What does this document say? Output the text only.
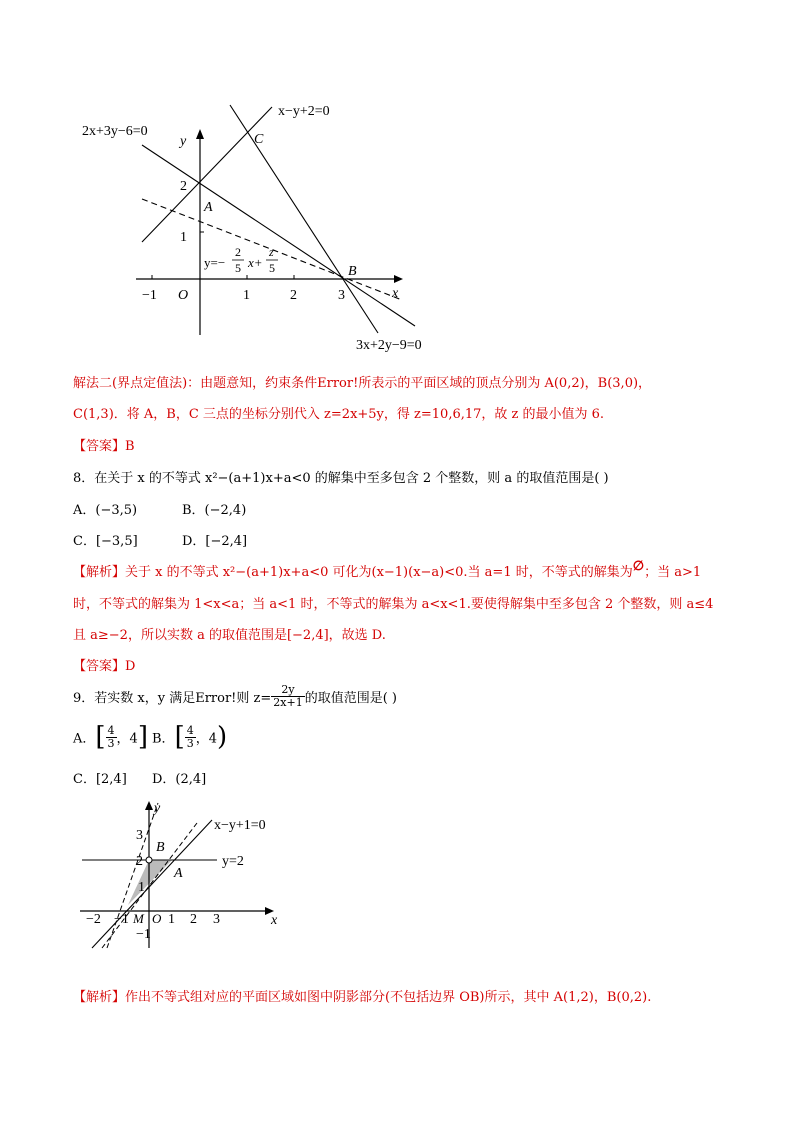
x−y+2=0
2x+3y−6=0
3x+2y−9=0
A
B
C
x
y
O
−1	1	2	3
1
2
y=−
2
5 x+
z
5
解法二(界点定值法)：由题意知，约束条件Error!所表示的平面区域的顶点分别为 A(0,2)，B(3,0)，
C(1,3)．将 A，B，C 三点的坐标分别代入 z=2x+5y，得 z=10,6,17，故 z 的最小值为 6.
【答案】B
8．在关于 x 的不等式 x²−(a+1)x+a<0 的解集中至多包含 2 个整数，则 a 的取值范围是( )
A．(−3,5)	B．(−2,4)
C．[−3,5]	D．[−2,4]
【解析】关于 x 的不等式 x²−(a+1)x+a<0 可化为(x−1)(x−a)<0.当 a=1 时，不等式的解集为∅；当 a>1
时，不等式的解集为 1<x<a；当 a<1 时，不等式的解集为 a<x<1.要使得解集中至多包含 2 个整数，则 a≤4
且 a≥−2，所以实数 a 的取值范围是[−2,4]，故选 D.
【答案】D
9．若实数 x，y 满足Error!则 $z= \frac{2y}{2x+1}$ 的取值范围是( )
A．[ $\frac{4}{3}$ ，4] B．[ $\frac{4}{3}$ ，4)
C．[2,4] D．(2,4]
x−y+1=0
y=2
A
B
M	x
y
O
−2 −1	1 2 3
3
2
1
−1
【解析】作出不等式组对应的平面区域如图中阴影部分(不包括边界 OB)所示，其中 A(1,2)，B(0,2).
